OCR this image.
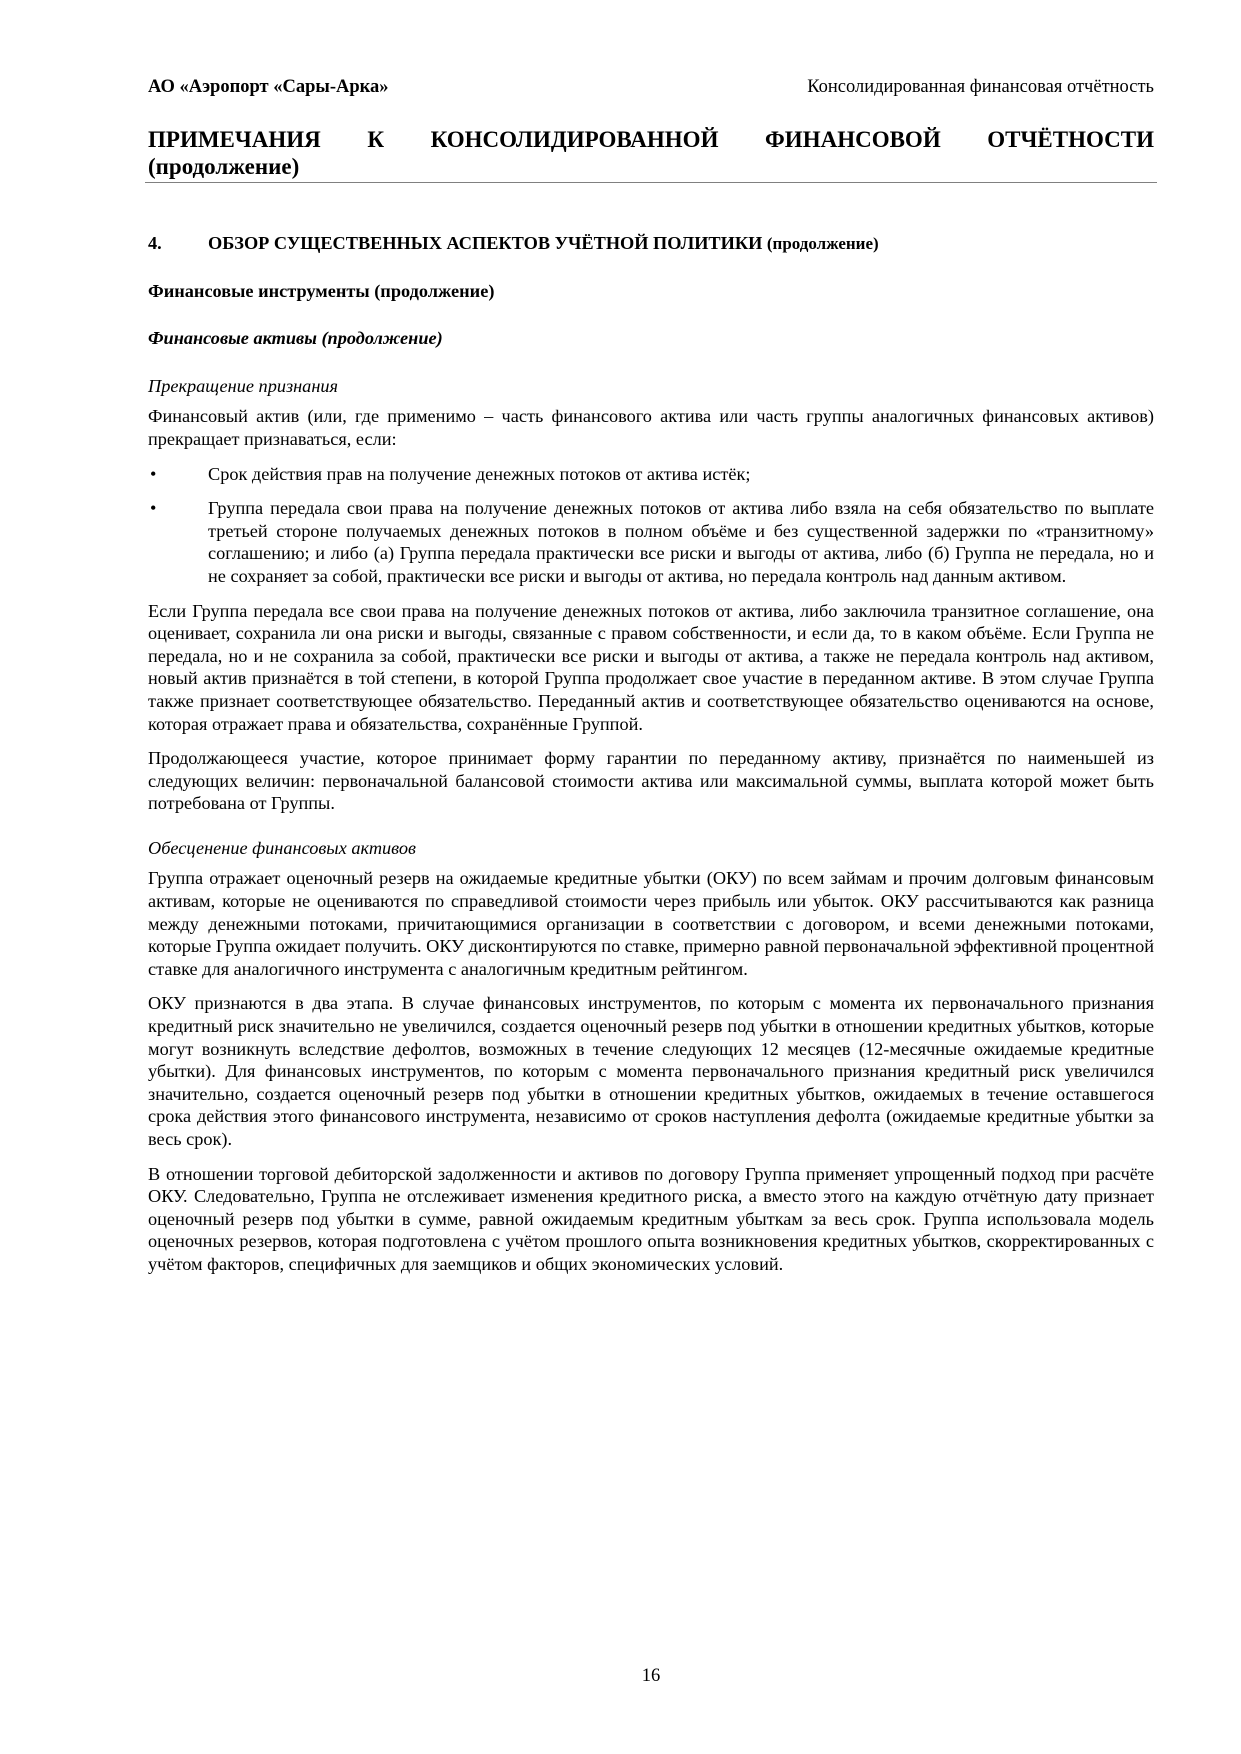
АО «Аэропорт «Сары-Арка»	Консолидированная финансовая отчётность
ПРИМЕЧАНИЯ К КОНСОЛИДИРОВАННОЙ ФИНАНСОВОЙ ОТЧЁТНОСТИ
(продолжение)
4.	ОБЗОР СУЩЕСТВЕННЫХ АСПЕКТОВ УЧЁТНОЙ ПОЛИТИКИ (продолжение)
Финансовые инструменты (продолжение)
Финансовые активы (продолжение)
Прекращение признания

Финансовый актив (или, где применимо – часть финансового актива или часть группы аналогичных финансовых активов) прекращает признаваться, если:

•	Срок действия прав на получение денежных потоков от актива истёк;
•	Группа передала свои права на получение денежных потоков от актива либо взяла на себя обязательство по выплате третьей стороне получаемых денежных потоков в полном объёме и без существенной задержки по «транзитному» соглашению; и либо (а) Группа передала практически все риски и выгоды от актива, либо (б) Группа не передала, но и не сохраняет за собой, практически все риски и выгоды от актива, но передала контроль над данным активом.

Если Группа передала все свои права на получение денежных потоков от актива, либо заключила транзитное соглашение, она оценивает, сохранила ли она риски и выгоды, связанные с правом собственности, и если да, то в каком объёме. Если Группа не передала, но и не сохранила за собой, практически все риски и выгоды от актива, а также не передала контроль над активом, новый актив признаётся в той степени, в которой Группа продолжает свое участие в переданном активе. В этом случае Группа также признает соответствующее обязательство. Переданный актив и соответствующее обязательство оцениваются на основе, которая отражает права и обязательства, сохранённые Группой.

Продолжающееся участие, которое принимает форму гарантии по переданному активу, признаётся по наименьшей из следующих величин: первоначальной балансовой стоимости актива или максимальной суммы, выплата которой может быть потребована от Группы.

Обесценение финансовых активов

Группа отражает оценочный резерв на ожидаемые кредитные убытки (ОКУ) по всем займам и прочим долговым финансовым активам, которые не оцениваются по справедливой стоимости через прибыль или убыток. ОКУ рассчитываются как разница между денежными потоками, причитающимися организации в соответствии с договором, и всеми денежными потоками, которые Группа ожидает получить. ОКУ дисконтируются по ставке, примерно равной первоначальной эффективной процентной ставке для аналогичного инструмента с аналогичным кредитным рейтингом.

ОКУ признаются в два этапа. В случае финансовых инструментов, по которым с момента их первоначального признания кредитный риск значительно не увеличился, создается оценочный резерв под убытки в отношении кредитных убытков, которые могут возникнуть вследствие дефолтов, возможных в течение следующих 12 месяцев (12-месячные ожидаемые кредитные убытки). Для финансовых инструментов, по которым с момента первоначального признания кредитный риск увеличился значительно, создается оценочный резерв под убытки в отношении кредитных убытков, ожидаемых в течение оставшегося срока действия этого финансового инструмента, независимо от сроков наступления дефолта (ожидаемые кредитные убытки за весь срок).

В отношении торговой дебиторской задолженности и активов по договору Группа применяет упрощенный подход при расчёте ОКУ. Следовательно, Группа не отслеживает изменения кредитного риска, а вместо этого на каждую отчётную дату признает оценочный резерв под убытки в сумме, равной ожидаемым кредитным убыткам за весь срок. Группа использовала модель оценочных резервов, которая подготовлена с учётом прошлого опыта возникновения кредитных убытков, скорректированных с учётом факторов, специфичных для заемщиков и общих экономических условий.

16
